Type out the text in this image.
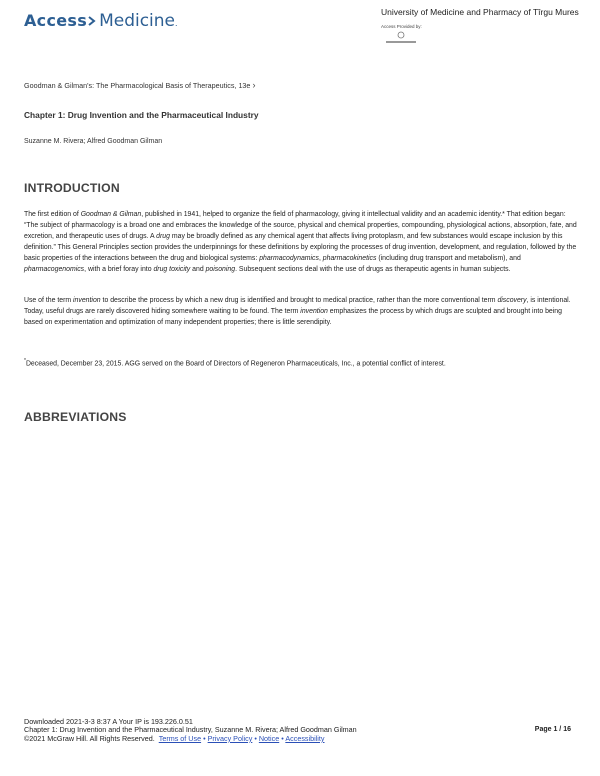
Access Medicine .
University of Medicine and Pharmacy of Tîrgu Mures
Access Provided by:
Goodman & Gilman's: The Pharmacological Basis of Therapeutics, 13e ›
Chapter 1: Drug Invention and the Pharmaceutical Industry
Suzanne M. Rivera; Alfred Goodman Gilman
INTRODUCTION

The first edition of Goodman & Gilman, published in 1941, helped to organize the field of pharmacology, giving it intellectual validity and an academic identity.* That edition began: “The subject of pharmacology is a broad one and embraces the knowledge of the source, physical and chemical properties, compounding, physiological actions, absorption, fate, and excretion, and therapeutic uses of drugs. A drug may be broadly defined as any chemical agent that affects living protoplasm, and few substances would escape inclusion by this definition.” This General Principles section provides the underpinnings for these definitions by exploring the processes of drug invention, development, and regulation, followed by the basic properties of the interactions between the drug and biological systems: pharmacodynamics, pharmacokinetics (including drug transport and metabolism), and pharmacogenomics, with a brief foray into drug toxicity and poisoning. Subsequent sections deal with the use of drugs as therapeutic agents in human subjects.

Use of the term invention to describe the process by which a new drug is identified and brought to medical practice, rather than the more conventional term discovery, is intentional. Today, useful drugs are rarely discovered hiding somewhere waiting to be found. The term invention emphasizes the process by which drugs are sculpted and brought into being based on experimentation and optimization of many independent properties; there is little serendipity.

*Deceased, December 23, 2015. AGG served on the Board of Directors of Regeneron Pharmaceuticals, Inc., a potential conflict of interest.

ABBREVIATIONS
Downloaded 2021-3-3 8:37 A Your IP is 193.226.0.51
Chapter 1: Drug Invention and the Pharmaceutical Industry, Suzanne M. Rivera; Alfred Goodman Gilman	Page 1 / 16
©2021 McGraw Hill. All Rights Reserved. Terms of Use • Privacy Policy • Notice • Accessibility
